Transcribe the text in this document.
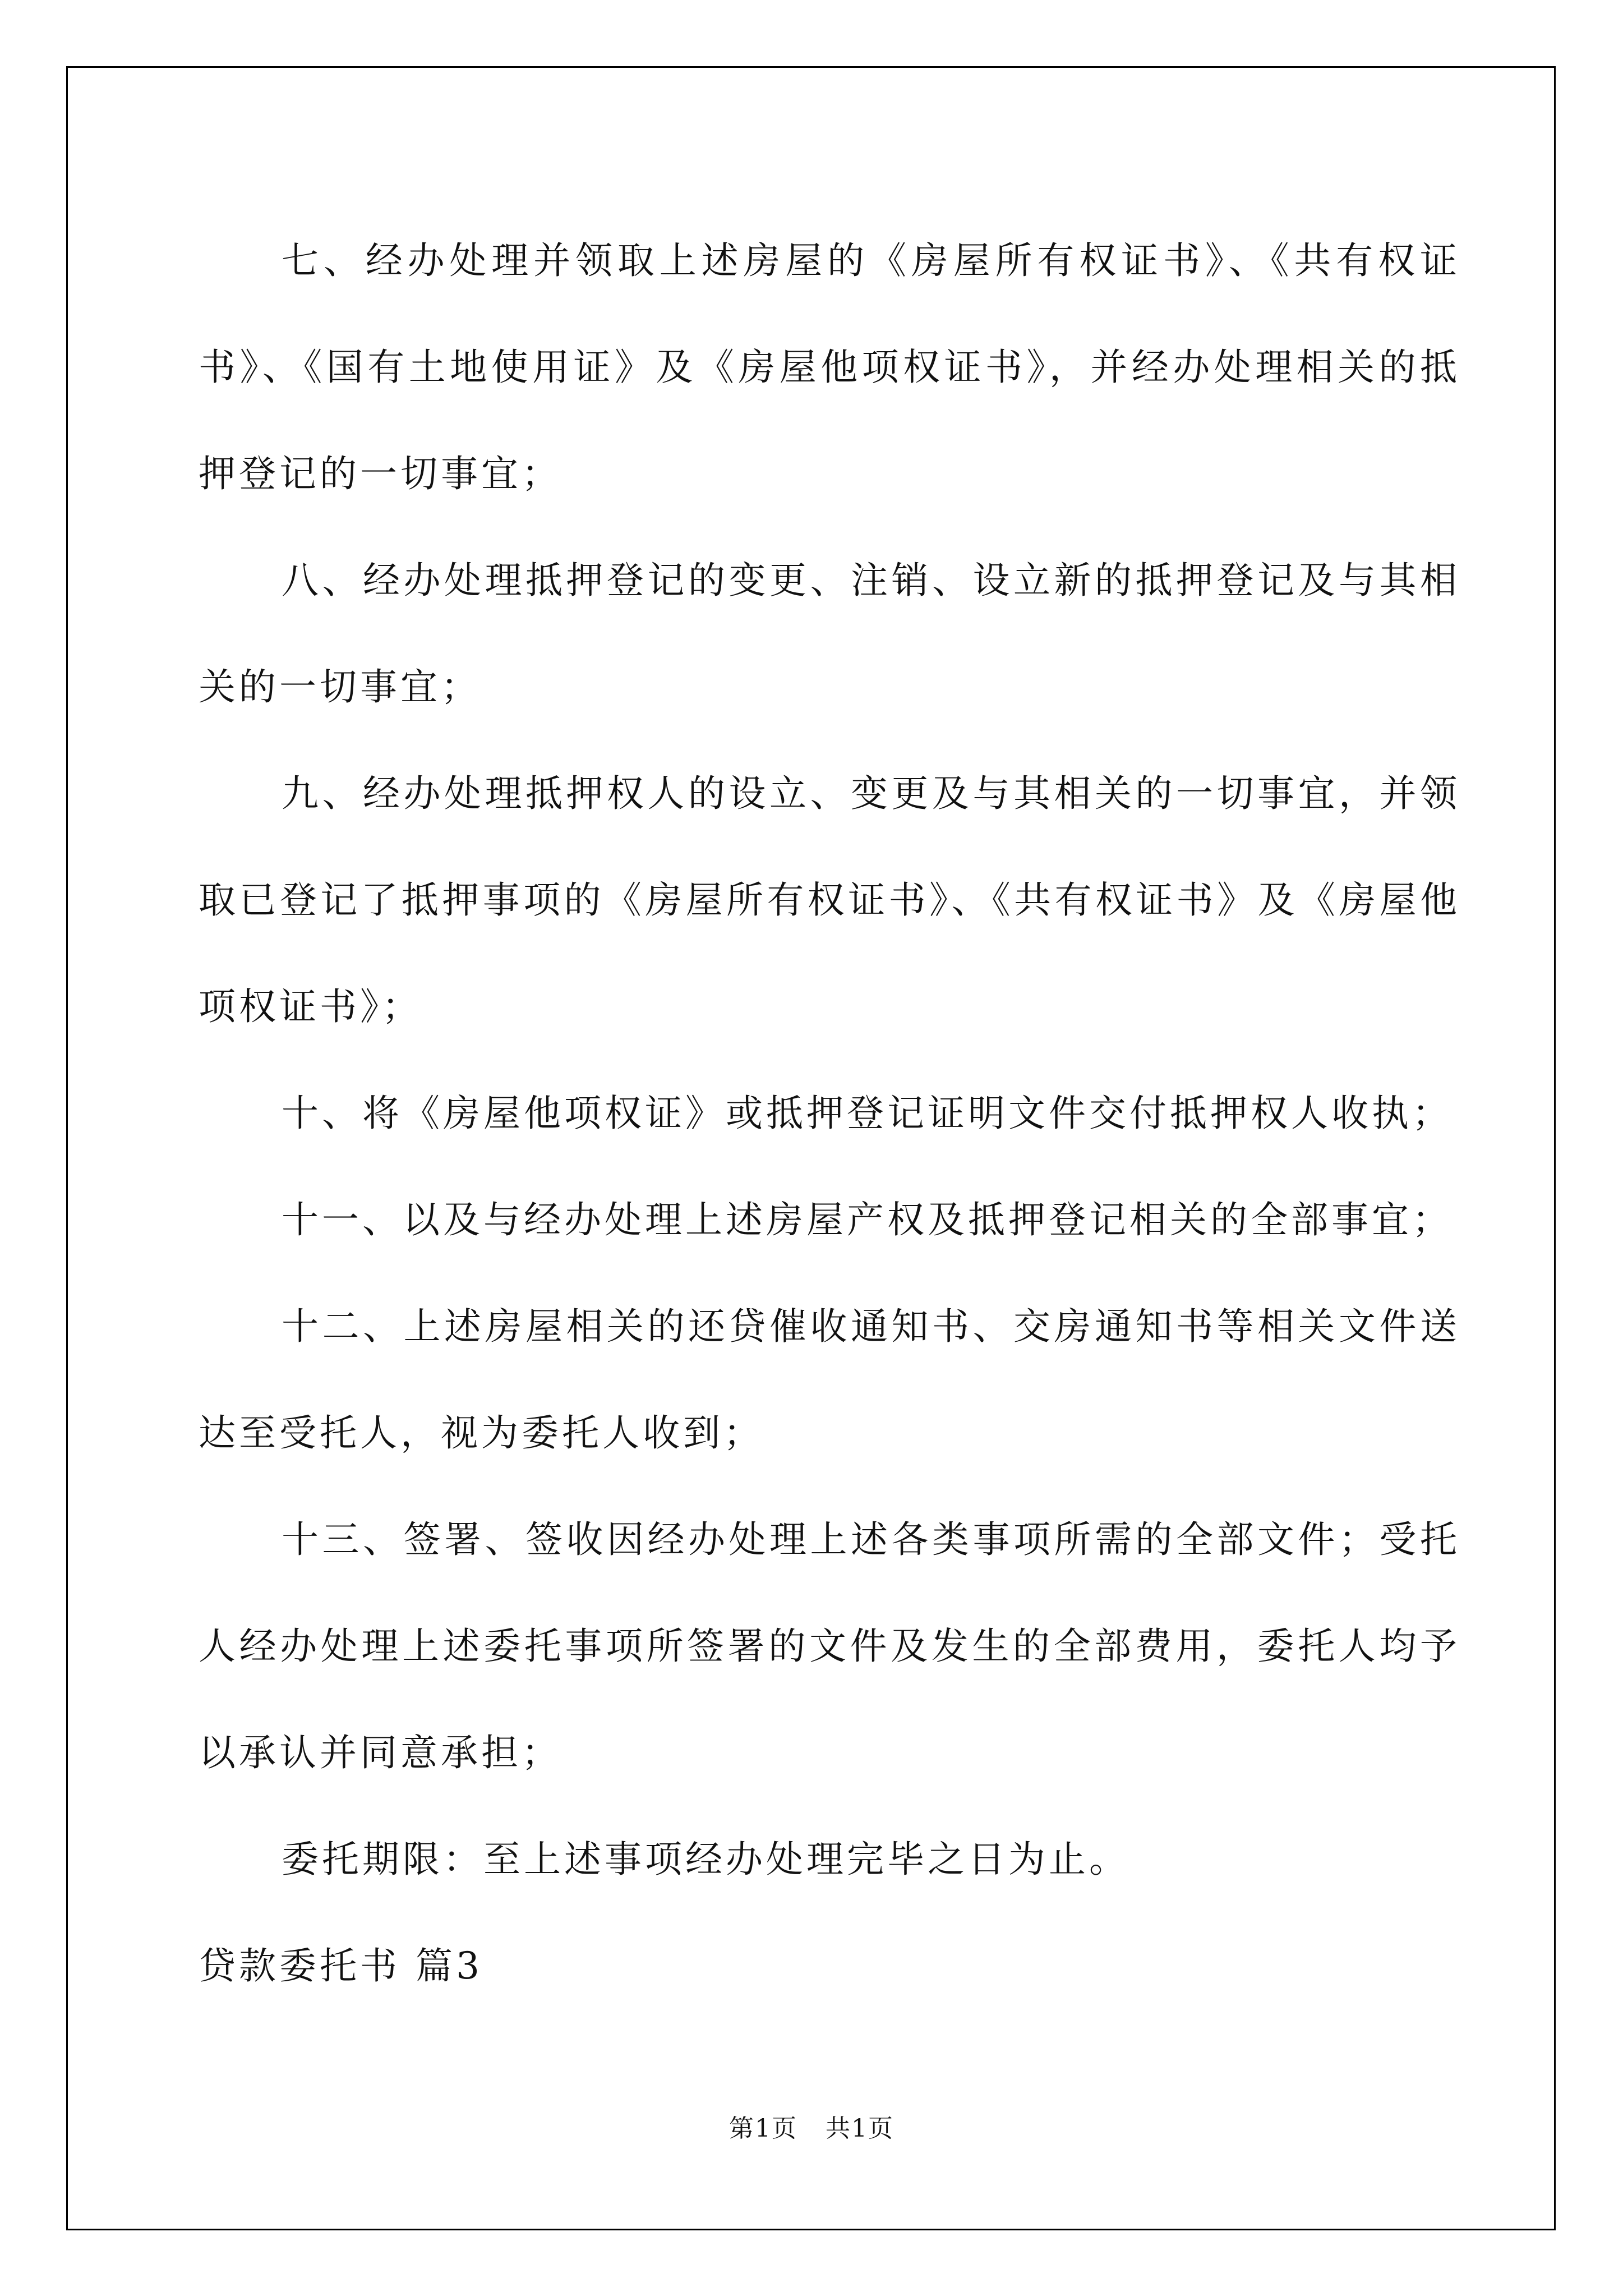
七、经办处理并领取上述房屋的《房屋所有权证书》、《共有权证书》、《国有土地使用证》及《房屋他项权证书》，并经办处理相关的抵押登记的一切事宜；

八、经办处理抵押登记的变更、注销、设立新的抵押登记及与其相关的一切事宜；

九、经办处理抵押权人的设立、变更及与其相关的一切事宜，并领取已登记了抵押事项的《房屋所有权证书》、《共有权证书》及《房屋他项权证书》；

十、将《房屋他项权证》或抵押登记证明文件交付抵押权人收执；

十一、以及与经办处理上述房屋产权及抵押登记相关的全部事宜；

十二、上述房屋相关的还贷催收通知书、交房通知书等相关文件送达至受托人，视为委托人收到；

十三、签署、签收因经办处理上述各类事项所需的全部文件；受托人经办处理上述委托事项所签署的文件及发生的全部费用，委托人均予以承认并同意承担；

委托期限：至上述事项经办处理完毕之日为止。

贷款委托书 篇3

第1页 共1页
